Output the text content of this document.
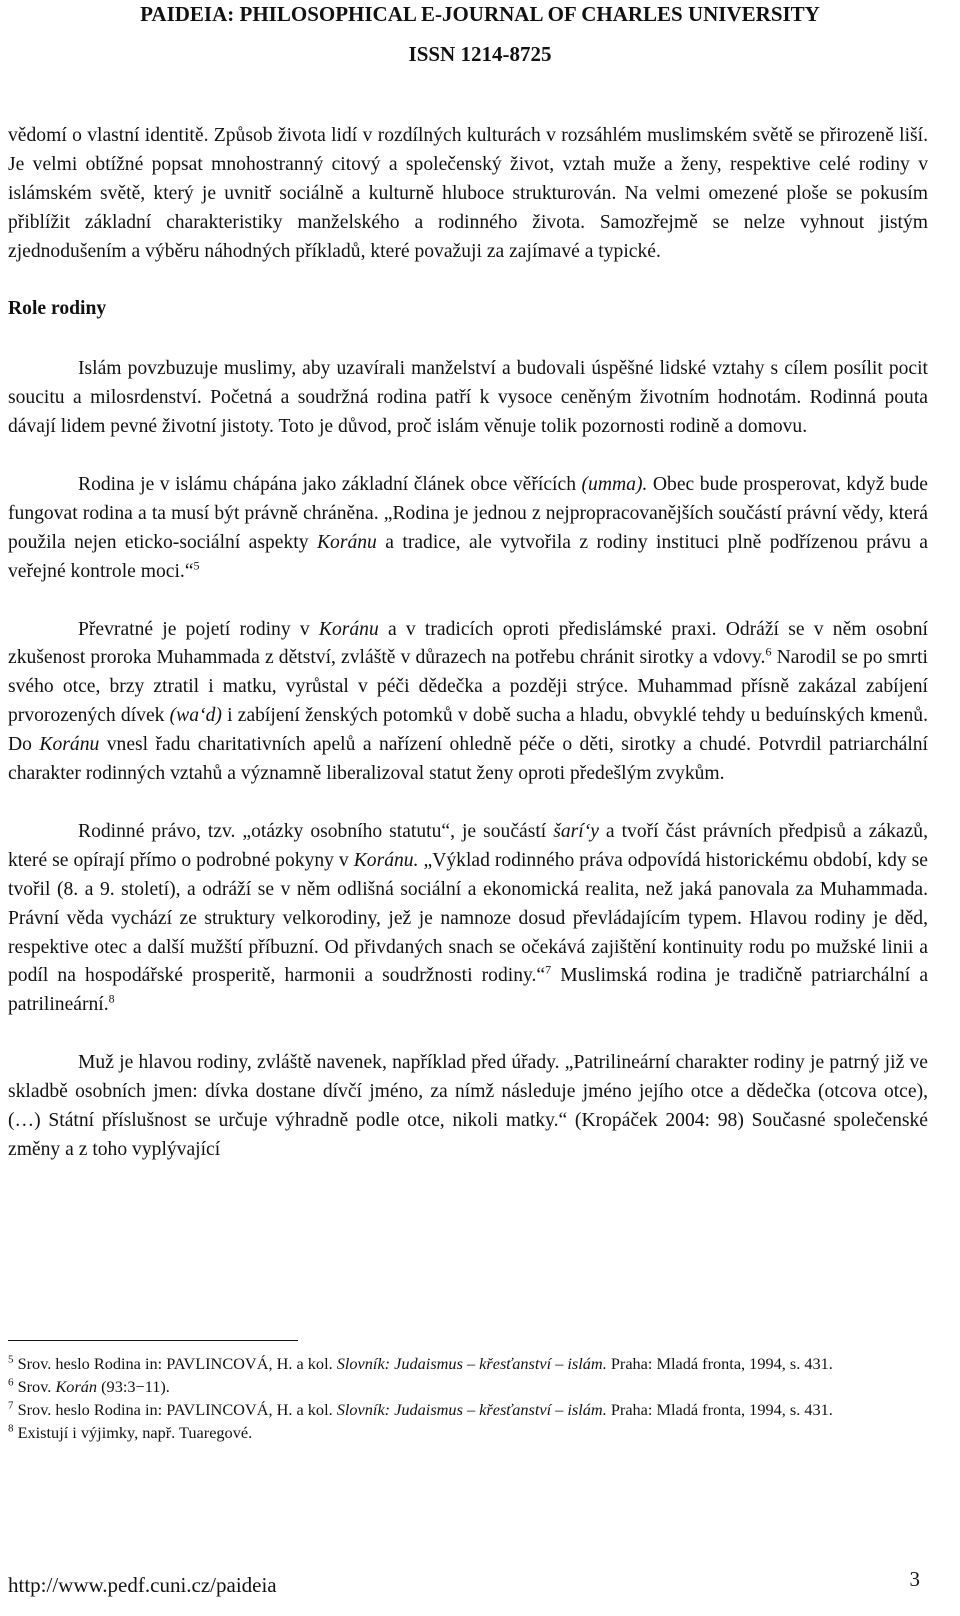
PAIDEIA: PHILOSOPHICAL E-JOURNAL OF CHARLES UNIVERSITY
ISSN 1214-8725

vědomí o vlastní identitě. Způsob života lidí v rozdílných kulturách v rozsáhlém muslimském světě se přirozeně liší. Je velmi obtížné popsat mnohostranný citový a společenský život, vztah muže a ženy, respektive celé rodiny v islámském světě, který je uvnitř sociálně a kulturně hluboce strukturován. Na velmi omezené ploše se pokusím přiblížit základní charakteristiky manželského a rodinného života. Samozřejmě se nelze vyhnout jistým zjednodušením a výběru náhodných příkladů, které považuji za zajímavé a typické.

Role rodiny

Islám povzbuzuje muslimy, aby uzavírali manželství a budovali úspěšné lidské vztahy s cílem posílit pocit soucitu a milosrdenství. Početná a soudržná rodina patří k vysoce ceněným životním hodnotám. Rodinná pouta dávají lidem pevné životní jistoty. Toto je důvod, proč islám věnuje tolik pozornosti rodině a domovu.

Rodina je v islámu chápána jako základní článek obce věřících (umma). Obec bude prosperovat, když bude fungovat rodina a ta musí být právně chráněna. „Rodina je jednou z nejpropracovanějších součástí právní vědy, která použila nejen eticko-sociální aspekty Koránu a tradice, ale vytvořila z rodiny instituci plně podřízenou právu a veřejné kontrole moci.“$^5$

Převratné je pojetí rodiny v Koránu a v tradicích oproti předislámské praxi. Odráží se v něm osobní zkušenost proroka Muhammada z dětství, zvláště v důrazech na potřebu chránit sirotky a vdovy.$^6$ Narodil se po smrti svého otce, brzy ztratil i matku, vyrůstal v péči dědečka a později strýce. Muhammad přísně zakázal zabíjení prvorozených dívek (waʻd) i zabíjení ženských potomků v době sucha a hladu, obvyklé tehdy u beduínských kmenů. Do Koránu vnesl řadu charitativních apelů a nařízení ohledně péče o děti, sirotky a chudé. Potvrdil patriarchální charakter rodinných vztahů a významně liberalizoval statut ženy oproti předešlým zvykům.

Rodinné právo, tzv. „otázky osobního statutu“, je součástí šarí‘y a tvoří část právních předpisů a zákazů, které se opírají přímo o podrobné pokyny v Koránu. „Výklad rodinného práva odpovídá historickému období, kdy se tvořil (8. a 9. století), a odráží se v něm odlišná sociální a ekonomická realita, než jaká panovala za Muhammada. Právní věda vychází ze struktury velkorodiny, jež je namnoze dosud převládajícím typem. Hlavou rodiny je děd, respektive otec a další mužští příbuzní. Od přivdaných snach se očekává zajištění kontinuity rodu po mužské linii a podíl na hospodářské prosperitě, harmonii a soudržnosti rodiny.“$^7$ Muslimská rodina je tradičně patriarchální a patrilineární.$^8$

Muž je hlavou rodiny, zvláště navenek, například před úřady. „Patrilineární charakter rodiny je patrný již ve skladbě osobních jmen: dívka dostane dívčí jméno, za nímž následuje jméno jejího otce a dědečka (otcova otce), (…) Státní příslušnost se určuje výhradně podle otce, nikoli matky.“ (Kropáček 2004: 98) Současné společenské změny a z toho vyplývající

$^5$ Srov. heslo Rodina in: PAVLINCOVÁ, H. a kol. Slovník: Judaismus – křesťanství – islám. Praha: Mladá fronta, 1994, s. 431.

$^6$ Srov. Korán (93:3−11).

$^7$ Srov. heslo Rodina in: PAVLINCOVÁ, H. a kol. Slovník: Judaismus – křesťanství – islám. Praha: Mladá fronta, 1994, s. 431.

$^8$ Existují i výjimky, např. Tuaregové.

http://www.pedf.cuni.cz/paideia	3
